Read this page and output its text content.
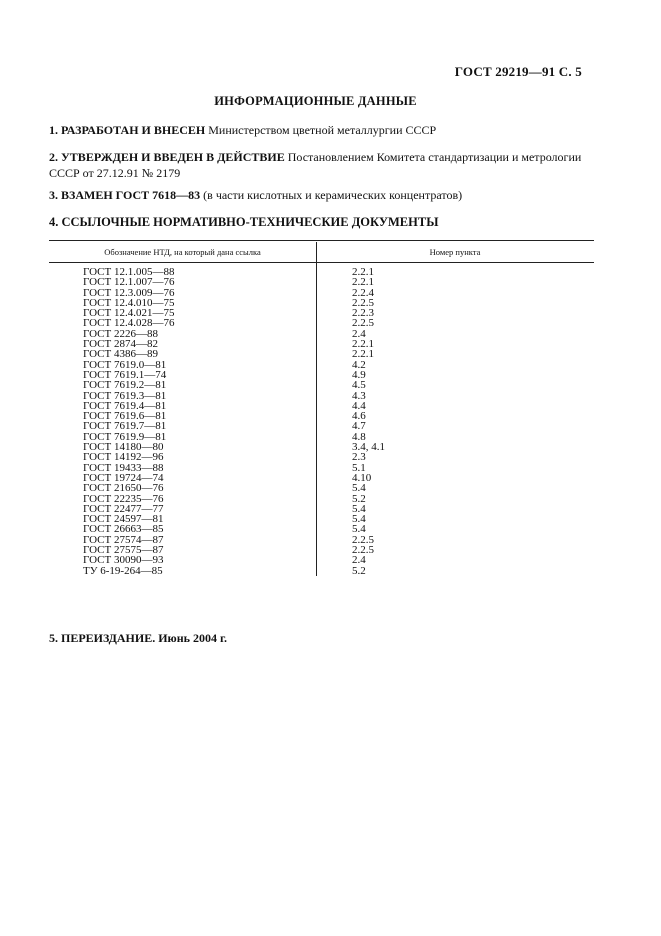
ГОСТ 29219—91 С. 5
ИНФОРМАЦИОННЫЕ ДАННЫЕ
1. РАЗРАБОТАН И ВНЕСЕН Министерством цветной металлургии СССР
2. УТВЕРЖДЕН И ВВЕДЕН В ДЕЙСТВИЕ Постановлением Комитета стандартизации и метрологии СССР от 27.12.91 № 2179
3. ВЗАМЕН ГОСТ 7618—83 (в части кислотных и керамических концентратов)
4. ССЫЛОЧНЫЕ НОРМАТИВНО-ТЕХНИЧЕСКИЕ ДОКУМЕНТЫ
Обозначение НТД, на который дана ссылка	Номер пункта
ГОСТ 12.1.005—88	2.2.1
ГОСТ 12.1.007—76	2.2.1
ГОСТ 12.3.009—76	2.2.4
ГОСТ 12.4.010—75	2.2.5
ГОСТ 12.4.021—75	2.2.3
ГОСТ 12.4.028—76	2.2.5
ГОСТ 2226—88	2.4
ГОСТ 2874—82	2.2.1
ГОСТ 4386—89	2.2.1
ГОСТ 7619.0—81	4.2
ГОСТ 7619.1—74	4.9
ГОСТ 7619.2—81	4.5
ГОСТ 7619.3—81	4.3
ГОСТ 7619.4—81	4.4
ГОСТ 7619.6—81	4.6
ГОСТ 7619.7—81	4.7
ГОСТ 7619.9—81	4.8
ГОСТ 14180—80	3.4, 4.1
ГОСТ 14192—96	2.3
ГОСТ 19433—88	5.1
ГОСТ 19724—74	4.10
ГОСТ 21650—76	5.4
ГОСТ 22235—76	5.2
ГОСТ 22477—77	5.4
ГОСТ 24597—81	5.4
ГОСТ 26663—85	5.4
ГОСТ 27574—87	2.2.5
ГОСТ 27575—87	2.2.5
ГОСТ 30090—93	2.4
ТУ 6-19-264—85	5.2
5. ПЕРЕИЗДАНИЕ. Июнь 2004 г.
